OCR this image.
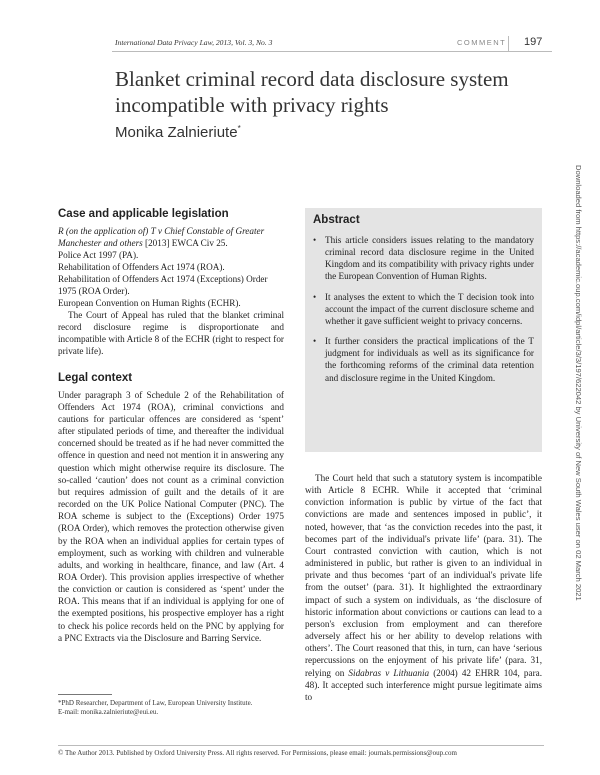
International Data Privacy Law, 2013, Vol. 3, No. 3	COMMENT 197
Blanket criminal record data disclosure system incompatible with privacy rights
Monika Zalnieriute*
Downloaded from https://academic.oup.com/idpl/article/3/3/197/622042 by University of New South Wales user on 02 March 2021
Case and applicable legislation

R (on the application of) T v Chief Constable of Greater Manchester and others [2013] EWCA Civ 25.

Police Act 1997 (PA).

Rehabilitation of Offenders Act 1974 (ROA).

Rehabilitation of Offenders Act 1974 (Exceptions) Order 1975 (ROA Order).

European Convention on Human Rights (ECHR).

The Court of Appeal has ruled that the blanket criminal record disclosure regime is disproportionate and incompatible with Article 8 of the ECHR (right to respect for private life).

Legal context

Under paragraph 3 of Schedule 2 of the Rehabilitation of Offenders Act 1974 (ROA), criminal convictions and cautions for particular offences are considered as ‘spent’ after stipulated periods of time, and thereafter the individual concerned should be treated as if he had never committed the offence in question and need not mention it in answering any question which might otherwise require its disclosure. The so-called ‘caution’ does not count as a criminal conviction but requires admission of guilt and the details of it are recorded on the UK Police National Computer (PNC). The ROA scheme is subject to the (Exceptions) Order 1975 (ROA Order), which removes the protection otherwise given by the ROA when an individual applies for certain types of employment, such as working with children and vulnerable adults, and working in healthcare, finance, and law (Art. 4 ROA Order). This provision applies irrespective of whether the conviction or caution is considered as ‘spent’ under the ROA. This means that if an individual is applying for one of the exempted positions, his prospective employer has a right to check his police records held on the PNC by applying for a PNC Extracts via the Disclosure and Barring Service.

Abstract
• This article considers issues relating to the mandatory criminal record data disclosure regime in the United Kingdom and its compatibility with privacy rights under the European Convention of Human Rights.
• It analyses the extent to which the T decision took into account the impact of the current disclosure scheme and whether it gave sufficient weight to privacy concerns.
• It further considers the practical implications of the T judgment for individuals as well as its significance for the forthcoming reforms of the criminal data retention and disclosure regime in the United Kingdom.

The Court held that such a statutory system is incompatible with Article 8 ECHR. While it accepted that ‘criminal conviction information is public by virtue of the fact that convictions are made and sentences imposed in public’, it noted, however, that ‘as the conviction recedes into the past, it becomes part of the individual's private life’ (para. 31). The Court contrasted conviction with caution, which is not administered in public, but rather is given to an individual in private and thus becomes ‘part of an individual's private life from the outset’ (para. 31). It highlighted the extraordinary impact of such a system on individuals, as ‘the disclosure of historic information about convictions or cautions can lead to a person's exclusion from employment and can therefore adversely affect his or her ability to develop relations with others’. The Court reasoned that this, in turn, can have ‘serious repercussions on the enjoyment of his private life’ (para. 31, relying on Sidabras v Lithuania (2004) 42 EHRR 104, para. 48). It accepted such interference might pursue legitimate aims to

*PhD Researcher, Department of Law, European University Institute.
E-mail: monika.zalnieriute@eui.eu.
© The Author 2013. Published by Oxford University Press. All rights reserved. For Permissions, please email: journals.permissions@oup.com
